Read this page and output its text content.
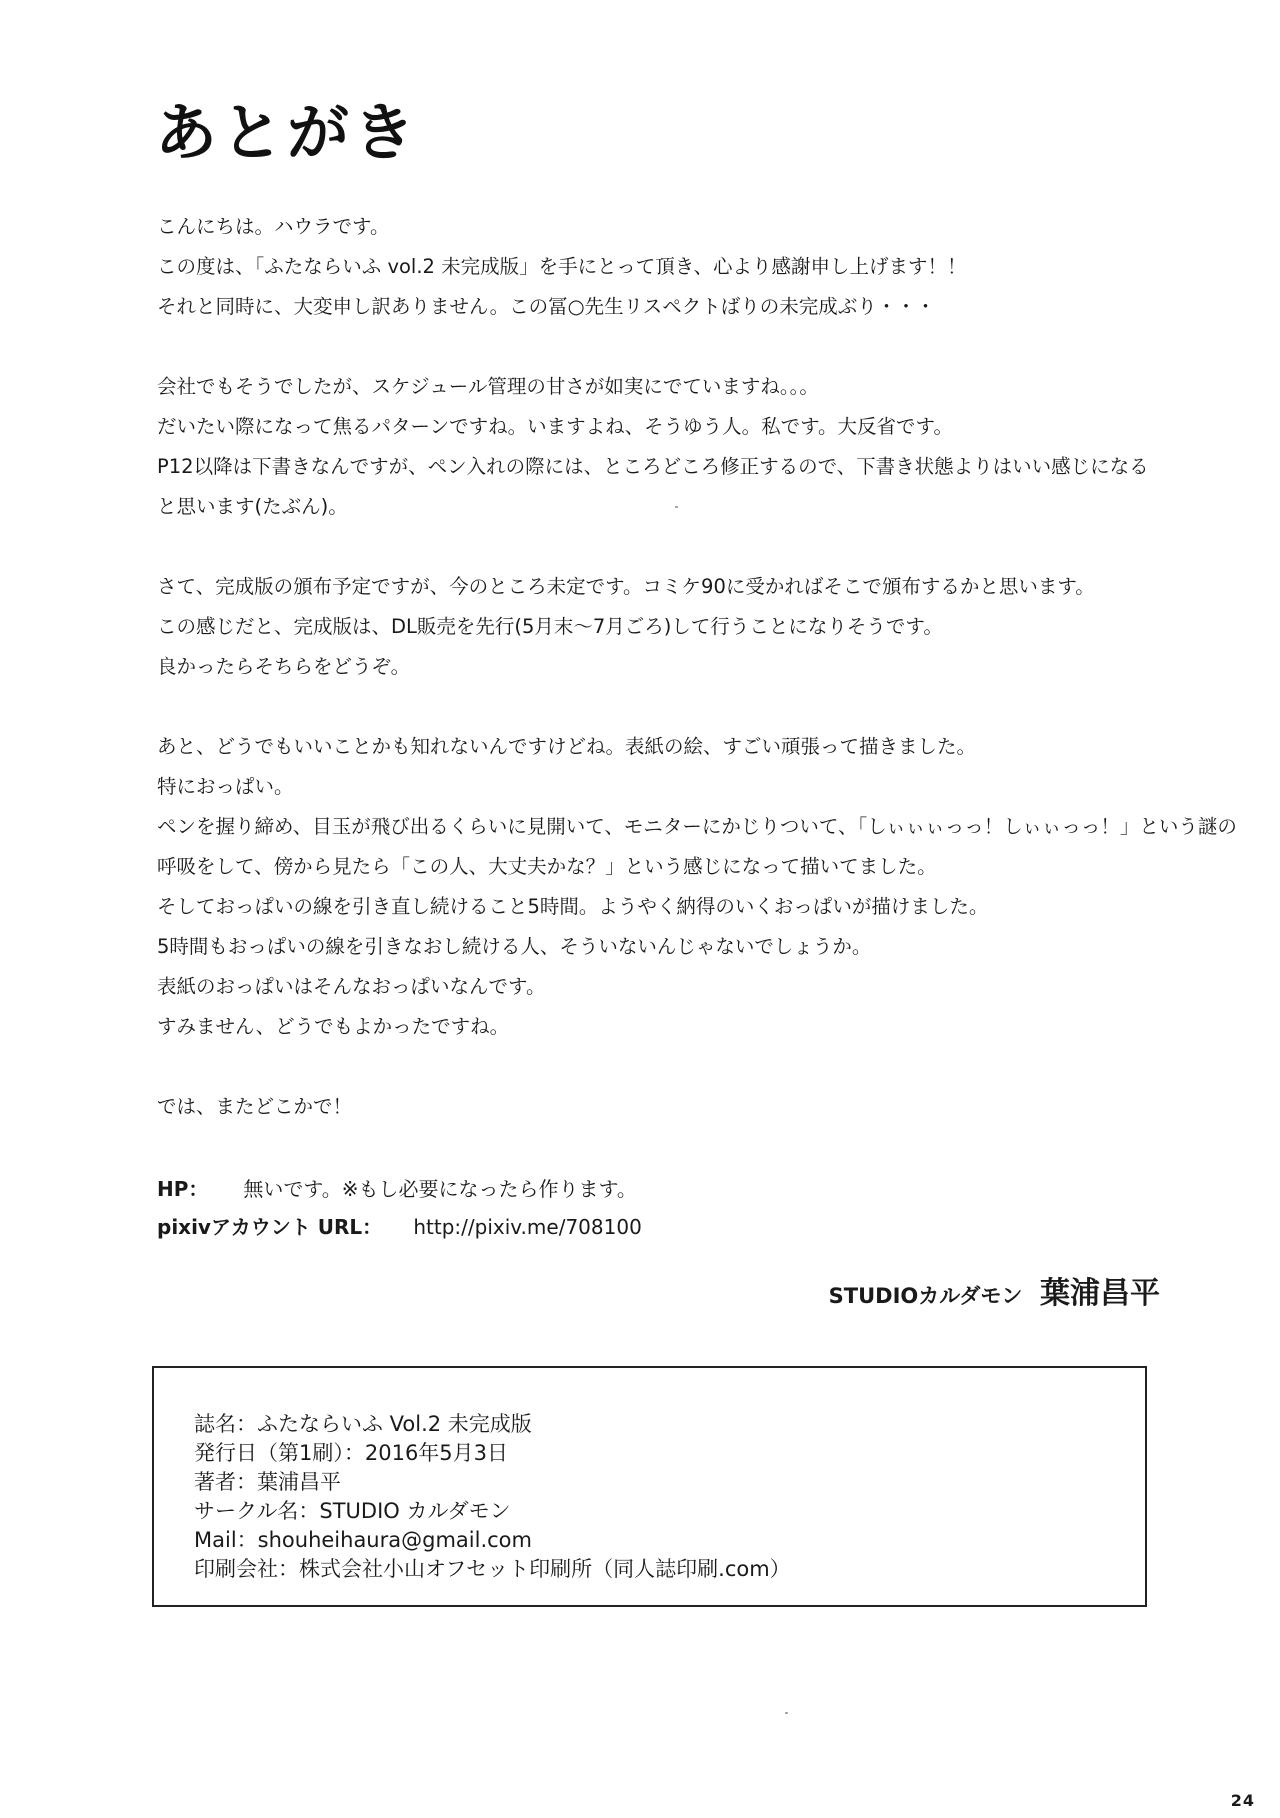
あとがき
こんにちは。ハウラです。
この度は、「ふたならいふ vol.2 未完成版」を手にとって頂き、心より感謝申し上げます！！
それと同時に、大変申し訳ありません。この冨○先生リスペクトばりの未完成ぶり・・・
会社でもそうでしたが、スケジュール管理の甘さが如実にでていますね。。。
だいたい際になって焦るパターンですね。いますよね、そうゆう人。私です。大反省です。
P12以降は下書きなんですが、ペン入れの際には、ところどころ修正するので、下書き状態よりはいい感じになる
と思います(たぶん)。
さて、完成版の頒布予定ですが、今のところ未定です。コミケ90に受かればそこで頒布するかと思います。
この感じだと、完成版は、DL販売を先行(5月末～7月ごろ)して行うことになりそうです。
良かったらそちらをどうぞ。
あと、どうでもいいことかも知れないんですけどね。表紙の絵、すごい頑張って描きました。
特におっぱい。
ペンを握り締め、目玉が飛び出るくらいに見開いて、モニターにかじりついて、「しぃぃぃっっ！しぃぃっっ！」という謎の
呼吸をして、傍から見たら「この人、大丈夫かな？」という感じになって描いてました。
そしておっぱいの線を引き直し続けること5時間。ようやく納得のいくおっぱいが描けました。
5時間もおっぱいの線を引きなおし続ける人、そういないんじゃないでしょうか。
表紙のおっぱいはそんなおっぱいなんです。
すみません、どうでもよかったですね。
では、またどこかで！
HP： 無いです。※もし必要になったら作ります。
pixivアカウント URL： http://pixiv.me/708100
STUDIOカルダモン 葉浦昌平
誌名：ふたならいふ Vol.2 未完成版
発行日（第1刷）：2016年5月3日
著者：葉浦昌平
サークル名：STUDIO カルダモン
Mail：shouheihaura@gmail.com
印刷会社：株式会社小山オフセット印刷所（同人誌印刷.com）
24
